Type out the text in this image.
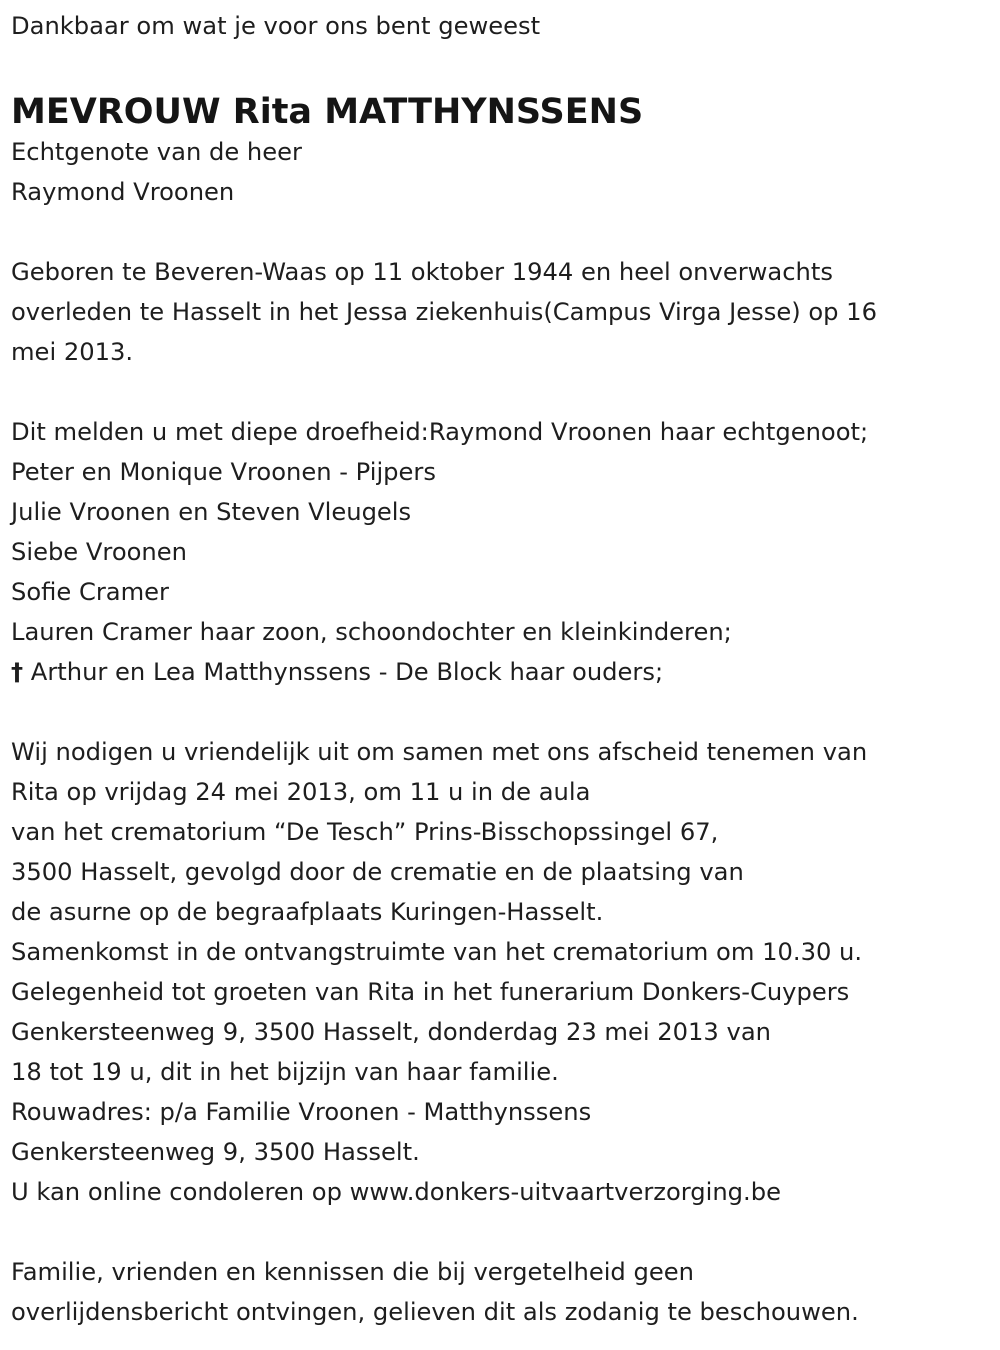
Dankbaar om wat je voor ons bent geweest
MEVROUW Rita MATTHYNSSENS
Echtgenote van de heer
Raymond Vroonen
Geboren te Beveren-Waas op 11 oktober 1944 en heel onverwachts
overleden te Hasselt in het Jessa ziekenhuis(Campus Virga Jesse) op 16
mei 2013.
Dit melden u met diepe droefheid:Raymond Vroonen haar echtgenoot;
Peter en Monique Vroonen - Pijpers
Julie Vroonen en Steven Vleugels
Siebe Vroonen
Sofie Cramer
Lauren Cramer haar zoon, schoondochter en kleinkinderen;
† Arthur en Lea Matthynssens - De Block haar ouders;
Wij nodigen u vriendelijk uit om samen met ons afscheid tenemen van
Rita op vrijdag 24 mei 2013, om 11 u in de aula
van het crematorium “De Tesch” Prins-Bisschopssingel 67,
3500 Hasselt, gevolgd door de crematie en de plaatsing van
de asurne op de begraafplaats Kuringen-Hasselt.
Samenkomst in de ontvangstruimte van het crematorium om 10.30 u.
Gelegenheid tot groeten van Rita in het funerarium Donkers-Cuypers
Genkersteenweg 9, 3500 Hasselt, donderdag 23 mei 2013 van
18 tot 19 u, dit in het bijzijn van haar familie.
Rouwadres: p/a Familie Vroonen - Matthynssens
Genkersteenweg 9, 3500 Hasselt.
U kan online condoleren op www.donkers-uitvaartverzorging.be
Familie, vrienden en kennissen die bij vergetelheid geen
overlijdensbericht ontvingen, gelieven dit als zodanig te beschouwen.
